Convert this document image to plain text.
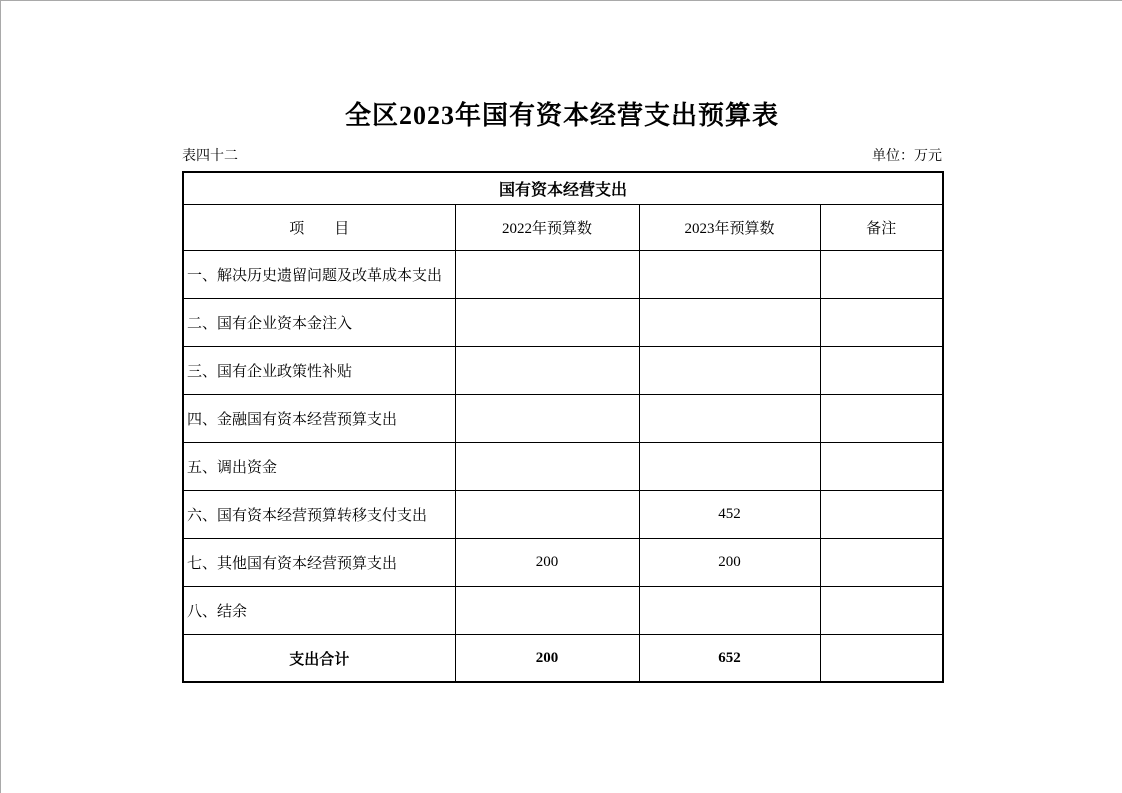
全区2023年国有资本经营支出预算表
表四十二	单位：万元
国有资本经营支出			
项　　目	2022年预算数	2023年预算数	备注
一、解决历史遗留问题及改革成本支出			
二、国有企业资本金注入			
三、国有企业政策性补贴			
四、金融国有资本经营预算支出			
五、调出资金			
六、国有资本经营预算转移支付支出		452	
七、其他国有资本经营预算支出	200	200	
八、结余			
支出合计	200	652	
